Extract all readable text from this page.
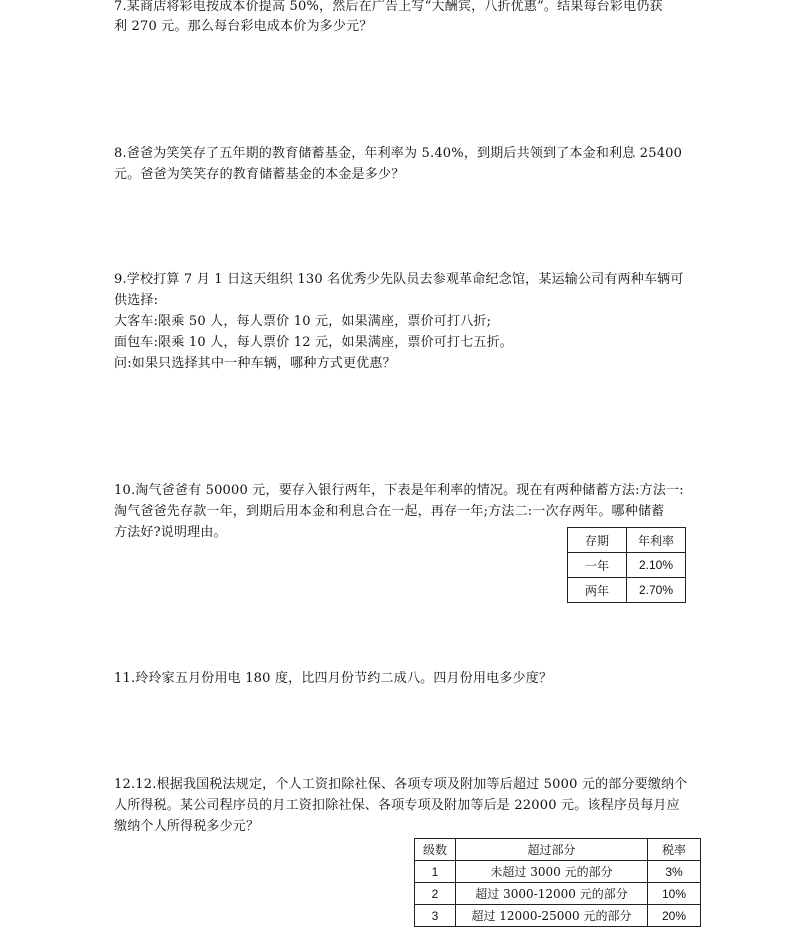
7.某商店将彩电按成本价提高 50%，然后在广告上写“大酬宾，八折优惠”。结果每台彩电仍获
利 270 元。那么每台彩电成本价为多少元？
8.爸爸为笑笑存了五年期的教育储蓄基金，年利率为 5.40%，到期后共领到了本金和利息 25400
元。爸爸为笑笑存的教育储蓄基金的本金是多少？
9.学校打算 7 月 1 日这天组织 130 名优秀少先队员去参观革命纪念馆，某运输公司有两种车辆可
供选择:
大客车:限乘 50 人，每人票价 10 元，如果满座，票价可打八折;
面包车:限乘 10 人，每人票价 12 元，如果满座，票价可打七五折。
问:如果只选择其中一种车辆，哪种方式更优惠？
10.淘气爸爸有 50000 元，要存入银行两年，下表是年利率的情况。现在有两种储蓄方法:方法一:
淘气爸爸先存款一年，到期后用本金和利息合在一起，再存一年;方法二:一次存两年。哪种储蓄
方法好?说明理由。
存期	年利率
一年	2.10%
两年	2.70%
11.玲玲家五月份用电 180 度，比四月份节约二成八。四月份用电多少度？
12.12.根据我国税法规定，个人工资扣除社保、各项专项及附加等后超过 5000 元的部分要缴纳个
人所得税。某公司程序员的月工资扣除社保、各项专项及附加等后是 22000 元。该程序员每月应
缴纳个人所得税多少元？
级数	超过部分	税率
1	未超过 3000 元的部分	3%
2	超过 3000-12000 元的部分	10%
3	超过 12000-25000 元的部分	20%
